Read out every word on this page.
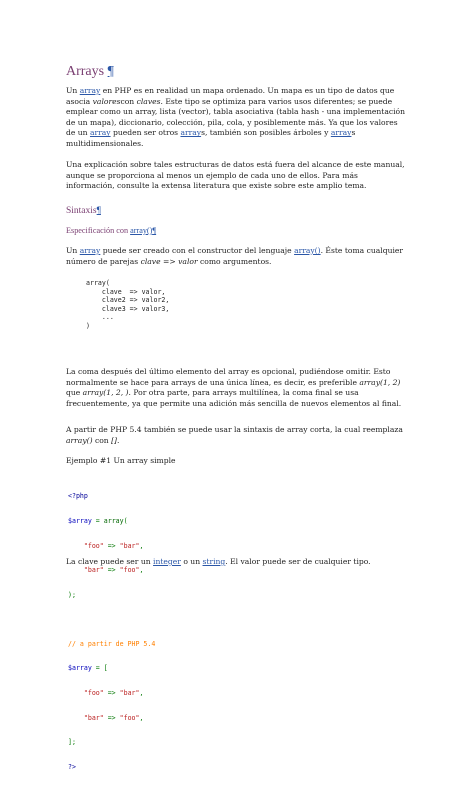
Arrays ¶

Un array en PHP es en realidad un mapa ordenado. Un mapa es un tipo de datos que asocia valorescon claves. Este tipo se optimiza para varios usos diferentes; se puede emplear como un array, lista (vector), tabla asociativa (tabla hash - una implementación de un mapa), diccionario, colección, pila, cola, y posiblemente más. Ya que los valores de un array pueden ser otros arrays, también son posibles árboles y arrays multidimensionales.

Una explicación sobre tales estructuras de datos está fuera del alcance de este manual, aunque se proporciona al menos un ejemplo de cada uno de ellos. Para más información, consulte la extensa literatura que existe sobre este amplio tema.

Sintaxis¶
Especificación con array()¶

Un array puede ser creado con el constructor del lenguaje array(). Éste toma cualquier número de parejas clave => valor como argumentos.

array(
clave  => valor,
clave2 => valor2,
clave3 => valor3,
...
)

La coma después del último elemento del array es opcional, pudiéndose omitir. Esto normalmente se hace para arrays de una única línea, es decir, es preferible array(1, 2) que array(1, 2, ). Por otra parte, para arrays multilínea, la coma final se usa frecuentemente, ya que permite una adición más sencilla de nuevos elementos al final.

A partir de PHP 5.4 también se puede usar la sintaxis de array corta, la cual reemplaza array() con [].

Ejemplo #1 Un array simple

<?php

$array = array(

"foo" => "bar",

"bar" => "foo",

);

// a partir de PHP 5.4

$array = [

"foo" => "bar",

"bar" => "foo",

];

?>

La clave puede ser un integer o un string. El valor puede ser de cualquier tipo.
